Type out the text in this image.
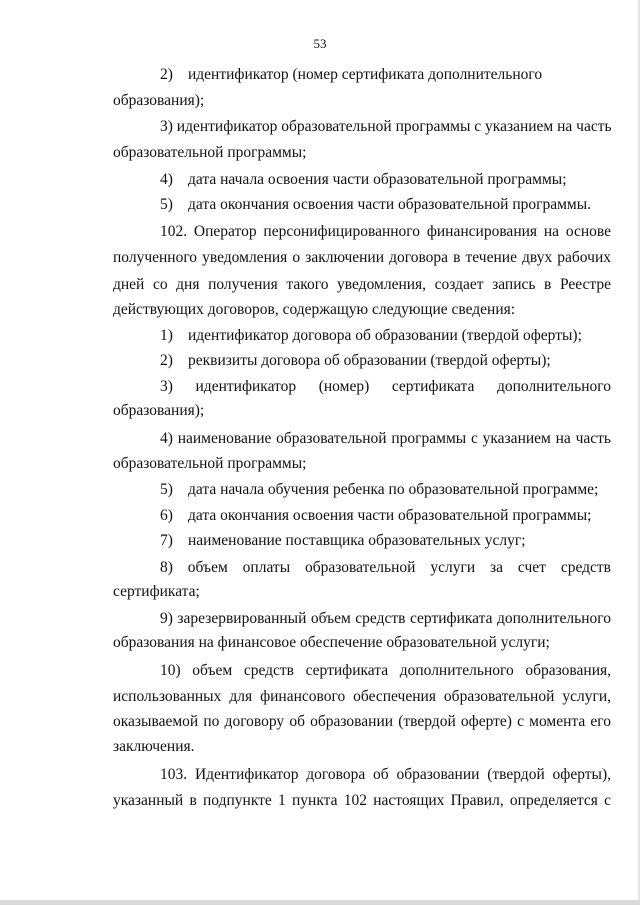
53
2) идентификатор (номер сертификата дополнительного
образования);
3) идентификатор образовательной программы с указанием на часть
образовательной программы;
4) дата начала освоения части образовательной программы;
5) дата окончания освоения части образовательной программы.
102. Оператор персонифицированного финансирования на основе
полученного уведомления о заключении договора в течение двух рабочих
дней со дня получения такого уведомления, создает запись в Реестре
действующих договоров, содержащую следующие сведения:
1) идентификатор договора об образовании (твердой оферты);
2) реквизиты договора об образовании (твердой оферты);
3) идентификатор (номер) сертификата дополнительного
образования);
4) наименование образовательной программы с указанием на часть
образовательной программы;
5) дата начала обучения ребенка по образовательной программе;
6) дата окончания освоения части образовательной программы;
7) наименование поставщика образовательных услуг;
8) объем оплаты образовательной услуги за счет средств
сертификата;
9) зарезервированный объем средств сертификата дополнительного
образования на финансовое обеспечение образовательной услуги;
10) объем средств сертификата дополнительного образования,
использованных для финансового обеспечения образовательной услуги,
оказываемой по договору об образовании (твердой оферте) с момента его
заключения.
103. Идентификатор договора об образовании (твердой оферты),
указанный в подпункте 1 пункта 102 настоящих Правил, определяется с
